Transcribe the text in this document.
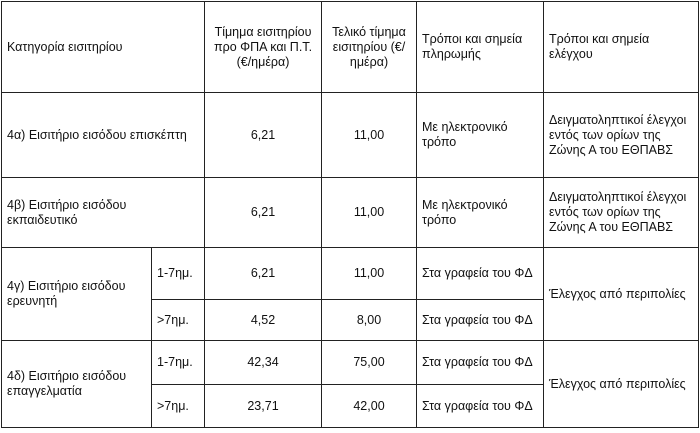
Κατηγορία εισιτηρίου		Τίμημα εισιτηρίου προ ΦΠΑ και Π.Τ. (€/ημέρα)	Τελικό τίμημα εισιτηρίου (€/ημέρα)	Τρόποι και σημεία πληρωμής	Τρόποι και σημεία ελέγχου
4α) Εισιτήριο εισόδου επισκέπτη		6,21	11,00	Με ηλεκτρονικό τρόπο	Δειγματοληπτικοί έλεγχοι εντός των ορίων της Ζώνης Α του ΕΘΠΑΒΣ
4β) Εισιτήριο εισόδου εκπαιδευτικό		6,21	11,00	Με ηλεκτρονικό τρόπο	Δειγματοληπτικοί έλεγχοι εντός των ορίων της Ζώνης Α του ΕΘΠΑΒΣ
4γ) Εισιτήριο εισόδου ερευνητή	1-7ημ.	6,21	11,00	Στα γραφεία του ΦΔ	Έλεγχος από περιπολίες
	>7ημ.	4,52	8,00	Στα γραφεία του ΦΔ	
4δ) Εισιτήριο εισόδου επαγγελματία	1-7ημ.	42,34	75,00	Στα γραφεία του ΦΔ	Έλεγχος από περιπολίες
	>7ημ.	23,71	42,00	Στα γραφεία του ΦΔ	
